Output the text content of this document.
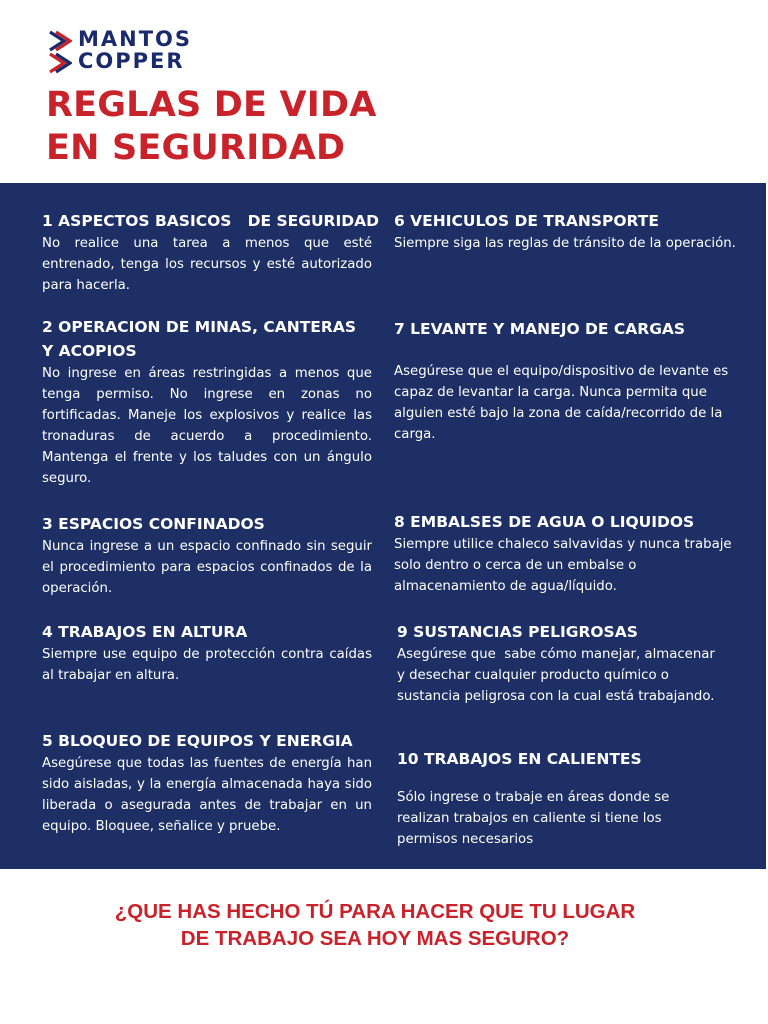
MANTOS
COPPER
REGLAS DE VIDA
EN SEGURIDAD
1 ASPECTOS BASICOS   DE SEGURIDAD
No realice una tarea a menos que esté entrenado, tenga los recursos y esté autorizado para hacerla.
2 OPERACION DE MINAS, CANTERAS Y ACOPIOS
No ingrese en áreas restringidas a menos que tenga permiso. No ingrese en zonas no fortificadas. Maneje los explosivos y realice las tronaduras de acuerdo a procedimiento. Mantenga el frente y los taludes con un ángulo seguro.
3 ESPACIOS CONFINADOS
Nunca ingrese a un espacio confinado sin seguir el procedimiento para espacios confinados de la operación.
4 TRABAJOS EN ALTURA
Siempre use equipo de protección contra caídas al trabajar en altura.
5 BLOQUEO DE EQUIPOS Y ENERGIA
Asegúrese que todas las fuentes de energía han sido aisladas, y la energía almacenada haya sido liberada o asegurada antes de trabajar en un equipo. Bloquee, señalice y pruebe.
6 VEHICULOS DE TRANSPORTE
Siempre siga las reglas de tránsito de la operación.
7 LEVANTE Y MANEJO DE CARGAS
Asegúrese que el equipo/dispositivo de levante es capaz de levantar la carga. Nunca permita que alguien esté bajo la zona de caída/recorrido de la carga.
8 EMBALSES DE AGUA O LIQUIDOS
Siempre utilice chaleco salvavidas y nunca trabaje  solo dentro o cerca de un embalse o  almacenamiento de agua/líquido.
9 SUSTANCIAS PELIGROSAS
Asegúrese que  sabe cómo manejar, almacenar y desechar cualquier producto químico o sustancia peligrosa con la cual está trabajando.
10 TRABAJOS EN CALIENTES
Sólo ingrese o trabaje en áreas donde se  realizan trabajos en caliente si tiene los  permisos necesarios
¿QUE HAS HECHO TÚ PARA HACER QUE TU LUGAR
DE TRABAJO SEA HOY MAS SEGURO?
